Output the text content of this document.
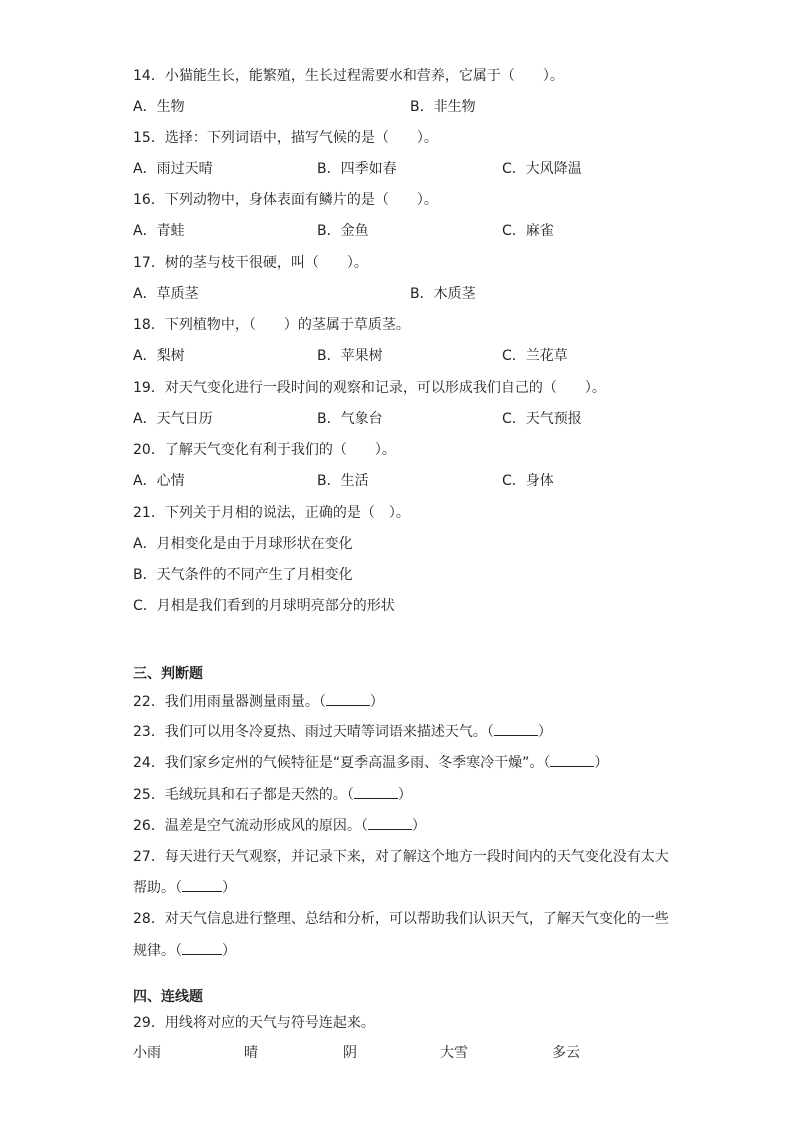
14．小猫能生长，能繁殖，生长过程需要水和营养，它属于（　　）。
A．生物	B．非生物
15．选择：下列词语中，描写气候的是（　　）。
A．雨过天晴	B．四季如春	C．大风降温
16．下列动物中，身体表面有鳞片的是（　　）。
A．青蛙	B．金鱼	C．麻雀
17．树的茎与枝干很硬，叫（　　）。
A．草质茎	B．木质茎
18．下列植物中，（　　）的茎属于草质茎。
A．梨树	B．苹果树	C．兰花草
19．对天气变化进行一段时间的观察和记录，可以形成我们自己的（　　）。
A．天气日历	B．气象台	C．天气预报
20．了解天气变化有利于我们的（　　）。
A．心情	B．生活	C．身体
21．下列关于月相的说法，正确的是（　）。
A．月相变化是由于月球形状在变化
B．天气条件的不同产生了月相变化
C．月相是我们看到的月球明亮部分的形状
三、判断题
22．我们用雨量器测量雨量。（	）
23．我们可以用冬冷夏热、雨过天晴等词语来描述天气。（	）
24．我们家乡定州的气候特征是“夏季高温多雨、冬季寒冷干燥”。（	）
25．毛绒玩具和石子都是天然的。（	）
26．温差是空气流动形成风的原因。（	）
27．每天进行天气观察，并记录下来，对了解这个地方一段时间内的天气变化没有太大
帮助。（	）
28．对天气信息进行整理、总结和分析，可以帮助我们认识天气，了解天气变化的一些
规律。（	）
四、连线题
29．用线将对应的天气与符号连起来。
小雨	晴	阴	大雪	多云
